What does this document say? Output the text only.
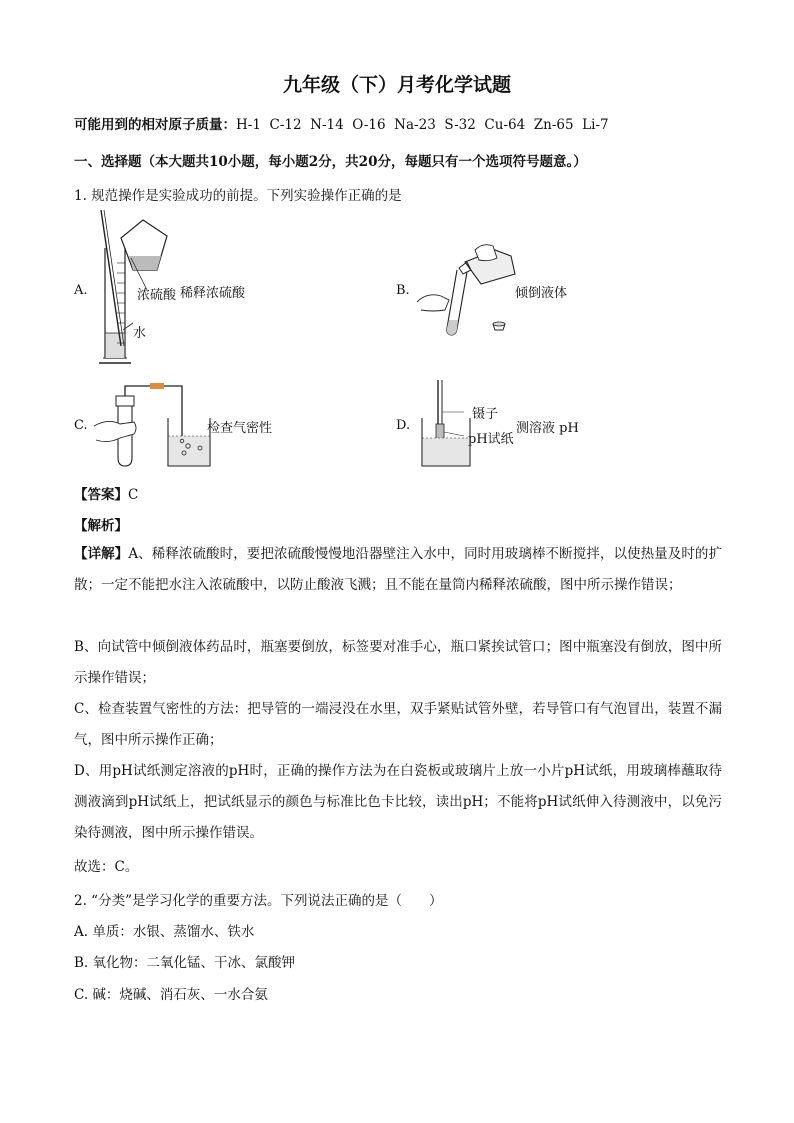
九年级（下）月考化学试题
可能用到的相对原子质量：H-1  C-12  N-14  O-16  Na-23  S-32  Cu-64  Zn-65  Li-7
一、选择题（本大题共10小题，每小题2分，共20分，每题只有一个选项符号题意。）
1. 规范操作是实验成功的前提。下列实验操作正确的是
A.	浓硫酸 稀释浓硫酸
水
B.	倾倒液体
C.	检查气密性	D.
镊子
pH试纸
测溶液 pH
【答案】C
【解析】
【详解】A、稀释浓硫酸时，要把浓硫酸慢慢地沿器壁注入水中，同时用玻璃棒不断搅拌，以使热量及时的扩散；一定不能把水注入浓硫酸中，以防止酸液飞溅；且不能在量筒内稀释浓硫酸，图中所示操作错误；
B、向试管中倾倒液体药品时，瓶塞要倒放，标签要对准手心，瓶口紧挨试管口；图中瓶塞没有倒放，图中所示操作错误；
C、检查装置气密性的方法：把导管的一端浸没在水里，双手紧贴试管外壁，若导管口有气泡冒出，装置不漏气，图中所示操作正确；
D、用pH试纸测定溶液的pH时，正确的操作方法为在白瓷板或玻璃片上放一小片pH试纸，用玻璃棒蘸取待测液滴到pH试纸上，把试纸显示的颜色与标准比色卡比较，读出pH；不能将pH试纸伸入待测液中，以免污染待测液，图中所示操作错误。
故选：C。
2. “分类”是学习化学的重要方法。下列说法正确的是（　　）
A. 单质：水银、蒸馏水、铁水
B. 氧化物：二氧化锰、干冰、氯酸钾
C. 碱：烧碱、消石灰、一水合氨
